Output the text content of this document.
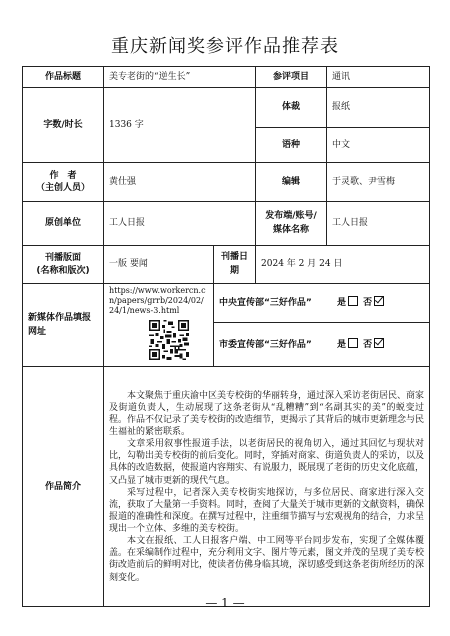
重庆新闻奖参评作品推荐表
作品标题	美专老街的“逆生长”		参评项目	通讯
字数/时长	1336 字		体裁	报纸
			语种	中文

作　者
（主创人员）	黄仕强		编辑	于灵歌、尹雪梅
原创单位	工人日报		发布端/账号/媒体名称	工人日报

刊播版面
(名称和版次)	一版 要闻	刊播日期	2024 年 2 月 24 日	
新媒体作品填报网址	https://www.workercn.cn/papers/grrb/2024/02/24/1/news-3.html	中央宣传部“三好作品” 是 否		
		市委宣传部“三好作品” 是 否		
作品简介	本文聚焦于重庆渝中区美专校街的华丽转身，通过深入采访老街居民、商家及街道负责人，生动展现了这条老街从“乱糟糟”到“名副其实的美”的蜕变过程。作品不仅记录了美专校街的改造细节，更揭示了其背后的城市更新理念与民生福祉的紧密联系。

文章采用叙事性报道手法，以老街居民的视角切入，通过其回忆与现状对比，勾勒出美专校街的前后变化。同时，穿插对商家、街道负责人的采访，以及具体的改造数据，使报道内容翔实、有说服力，既展现了老街的历史文化底蕴，又凸显了城市更新的现代气息。

采写过程中，记者深入美专校街实地探访，与多位居民、商家进行深入交流，获取了大量第一手资料。同时，查阅了大量关于城市更新的文献资料，确保报道的准确性和深度。在撰写过程中，注重细节描写与宏观视角的结合，力求呈现出一个立体、多维的美专校街。

本文在报纸、工人日报客户端、中工网等平台同步发布，实现了全媒体覆盖。在采编制作过程中，充分利用文字、图片等元素，图文并茂的呈现了美专校街改造前后的鲜明对比，使读者仿佛身临其境，深切感受到这条老街所经历的深刻变化。			

— 1 —
